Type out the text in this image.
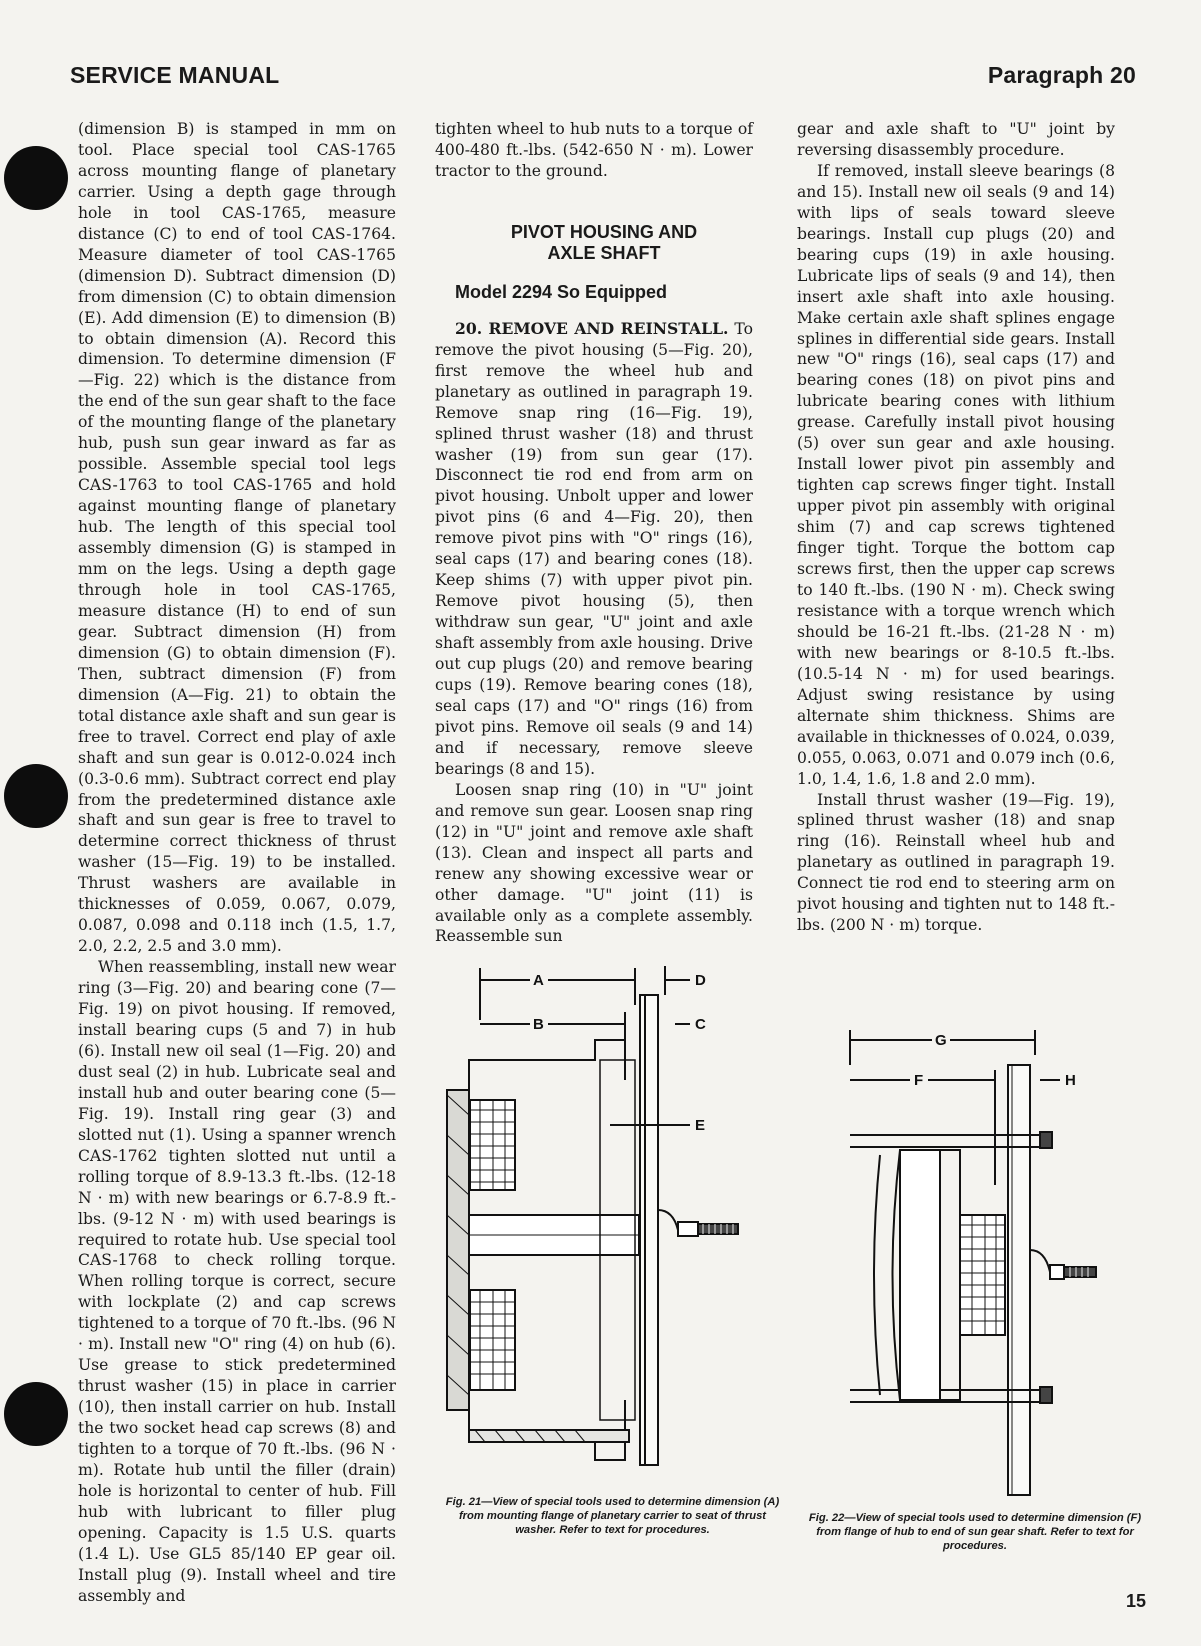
SERVICE MANUAL	Paragraph 20

(dimension B) is stamped in mm on tool. Place special tool CAS-1765 across mounting flange of planetary carrier. Using a depth gage through hole in tool CAS-1765, measure distance (C) to end of tool CAS-1764. Measure diameter of tool CAS-1765 (dimension D). Subtract dimension (D) from dimension (C) to obtain dimension (E). Add dimension (E) to dimension (B) to obtain dimension (A). Record this dimension. To determine dimension (F—Fig. 22) which is the distance from the end of the sun gear shaft to the face of the mounting flange of the planetary hub, push sun gear inward as far as possible. Assemble special tool legs CAS-1763 to tool CAS-1765 and hold against mounting flange of planetary hub. The length of this special tool assembly dimension (G) is stamped in mm on the legs. Using a depth gage through hole in tool CAS-1765, measure distance (H) to end of sun gear. Subtract dimension (H) from dimension (G) to obtain dimension (F). Then, subtract dimension (F) from dimension (A—Fig. 21) to obtain the total distance axle shaft and sun gear is free to travel. Correct end play of axle shaft and sun gear is 0.012-0.024 inch (0.3-0.6 mm). Subtract correct end play from the predetermined distance axle shaft and sun gear is free to travel to determine correct thickness of thrust washer (15—Fig. 19) to be installed. Thrust washers are available in thicknesses of 0.059, 0.067, 0.079, 0.087, 0.098 and 0.118 inch (1.5, 1.7, 2.0, 2.2, 2.5 and 3.0 mm).

When reassembling, install new wear ring (3—Fig. 20) and bearing cone (7—Fig. 19) on pivot housing. If removed, install bearing cups (5 and 7) in hub (6). Install new oil seal (1—Fig. 20) and dust seal (2) in hub. Lubricate seal and install hub and outer bearing cone (5—Fig. 19). Install ring gear (3) and slotted nut (1). Using a spanner wrench CAS-1762 tighten slotted nut until a rolling torque of 8.9-13.3 ft.-lbs. (12-18 N · m) with new bearings or 6.7-8.9 ft.-lbs. (9-12 N · m) with used bearings is required to rotate hub. Use special tool CAS-1768 to check rolling torque. When rolling torque is correct, secure with lockplate (2) and cap screws tightened to a torque of 70 ft.-lbs. (96 N · m). Install new "O" ring (4) on hub (6). Use grease to stick predetermined thrust washer (15) in place in carrier (10), then install carrier on hub. Install the two socket head cap screws (8) and tighten to a torque of 70 ft.-lbs. (96 N · m). Rotate hub until the filler (drain) hole is horizontal to center of hub. Fill hub with lubricant to filler plug opening. Capacity is 1.5 U.S. quarts (1.4 L). Use GL5 85/140 EP gear oil. Install plug (9). Install wheel and tire assembly and

tighten wheel to hub nuts to a torque of 400-480 ft.-lbs. (542-650 N · m). Lower tractor to the ground.

PIVOT HOUSING AND

AXLE SHAFT

Model 2294 So Equipped

20. REMOVE AND REINSTALL. To remove the pivot housing (5—Fig. 20), first remove the wheel hub and planetary as outlined in paragraph 19. Remove snap ring (16—Fig. 19), splined thrust washer (18) and thrust washer (19) from sun gear (17). Disconnect tie rod end from arm on pivot housing. Unbolt upper and lower pivot pins (6 and 4—Fig. 20), then remove pivot pins with "O" rings (16), seal caps (17) and bearing cones (18). Keep shims (7) with upper pivot pin. Remove pivot housing (5), then withdraw sun gear, "U" joint and axle shaft assembly from axle housing. Drive out cup plugs (20) and remove bearing cups (19). Remove bearing cones (18), seal caps (17) and "O" rings (16) from pivot pins. Remove oil seals (9 and 14) and if necessary, remove sleeve bearings (8 and 15).

Loosen snap ring (10) in "U" joint and remove sun gear. Loosen snap ring (12) in "U" joint and remove axle shaft (13). Clean and inspect all parts and renew any showing excessive wear or other damage. "U" joint (11) is available only as a complete assembly. Reassemble sun

gear and axle shaft to "U" joint by reversing disassembly procedure.

If removed, install sleeve bearings (8 and 15). Install new oil seals (9 and 14) with lips of seals toward sleeve bearings. Install cup plugs (20) and bearing cups (19) in axle housing. Lubricate lips of seals (9 and 14), then insert axle shaft into axle housing. Make certain axle shaft splines engage splines in differential side gears. Install new "O" rings (16), seal caps (17) and bearing cones (18) on pivot pins and lubricate bearing cones with lithium grease. Carefully install pivot housing (5) over sun gear and axle housing. Install lower pivot pin assembly and tighten cap screws finger tight. Install upper pivot pin assembly with original shim (7) and cap screws tightened finger tight. Torque the bottom cap screws first, then the upper cap screws to 140 ft.-lbs. (190 N · m). Check swing resistance with a torque wrench which should be 16-21 ft.-lbs. (21-28 N · m) with new bearings or 8-10.5 ft.-lbs. (10.5-14 N · m) for used bearings. Adjust swing resistance by using alternate shim thickness. Shims are available in thicknesses of 0.024, 0.039, 0.055, 0.063, 0.071 and 0.079 inch (0.6, 1.0, 1.4, 1.6, 1.8 and 2.0 mm).

Install thrust washer (19—Fig. 19), splined thrust washer (18) and snap ring (16). Reinstall wheel hub and planetary as outlined in paragraph 19. Connect tie rod end to steering arm on pivot housing and tighten nut to 148 ft.-lbs. (200 N · m) torque.

A
B
D
C
E
Fig. 21—View of special tools used to determine dimension (A) from mounting flange of planetary carrier to seat of thrust washer. Refer to text for procedures.
G
F	H
Fig. 22—View of special tools used to determine dimension (F) from flange of hub to end of sun gear shaft. Refer to text for procedures.
15
